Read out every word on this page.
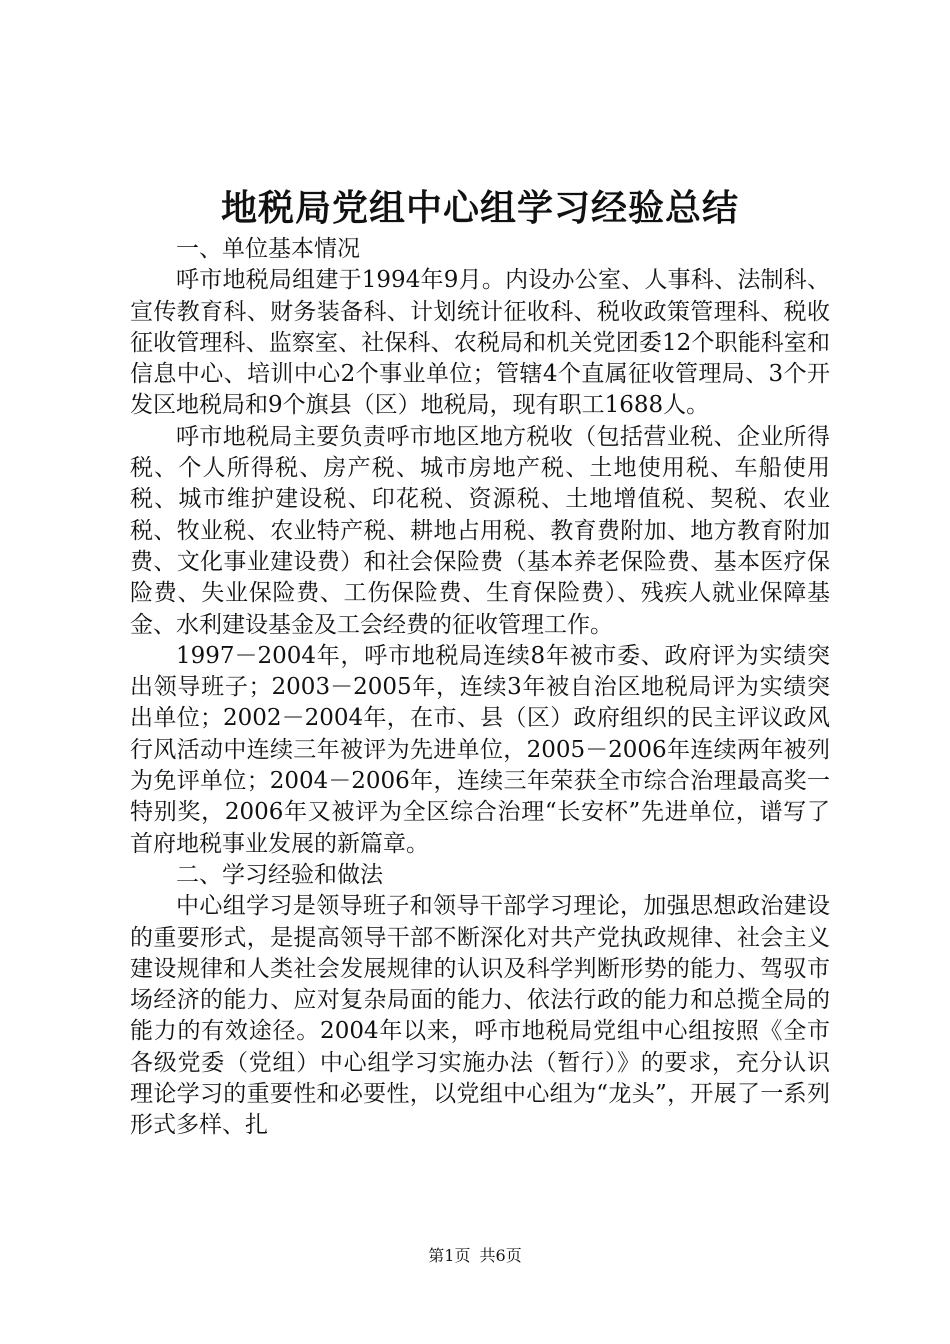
地税局党组中心组学习经验总结

一、单位基本情况

呼市地税局组建于1994年9月。内设办公室、人事科、法制科、宣传教育科、财务装备科、计划统计征收科、税收政策管理科、税收征收管理科、监察室、社保科、农税局和机关党团委12个职能科室和信息中心、培训中心2个事业单位；管辖4个直属征收管理局、3个开发区地税局和9个旗县（区）地税局，现有职工1688人。

呼市地税局主要负责呼市地区地方税收（包括营业税、企业所得税、个人所得税、房产税、城市房地产税、土地使用税、车船使用税、城市维护建设税、印花税、资源税、土地增值税、契税、农业税、牧业税、农业特产税、耕地占用税、教育费附加、地方教育附加费、文化事业建设费）和社会保险费（基本养老保险费、基本医疗保险费、失业保险费、工伤保险费、生育保险费）、残疾人就业保障基金、水利建设基金及工会经费的征收管理工作。

1997－2004年，呼市地税局连续8年被市委、政府评为实绩突出领导班子；2003－2005年，连续3年被自治区地税局评为实绩突出单位；2002－2004年，在市、县（区）政府组织的民主评议政风行风活动中连续三年被评为先进单位，2005－2006年连续两年被列为免评单位；2004－2006年，连续三年荣获全市综合治理最高奖一特别奖，2006年又被评为全区综合治理“长安杯”先进单位，谱写了首府地税事业发展的新篇章。

二、学习经验和做法

中心组学习是领导班子和领导干部学习理论，加强思想政治建设的重要形式，是提高领导干部不断深化对共产党执政规律、社会主义建设规律和人类社会发展规律的认识及科学判断形势的能力、驾驭市场经济的能力、应对复杂局面的能力、依法行政的能力和总揽全局的能力的有效途径。2004年以来，呼市地税局党组中心组按照《全市各级党委（党组）中心组学习实施办法（暂行）》的要求，充分认识理论学习的重要性和必要性，以党组中心组为“龙头”，开展了一系列形式多样、扎

第1页 共6页
